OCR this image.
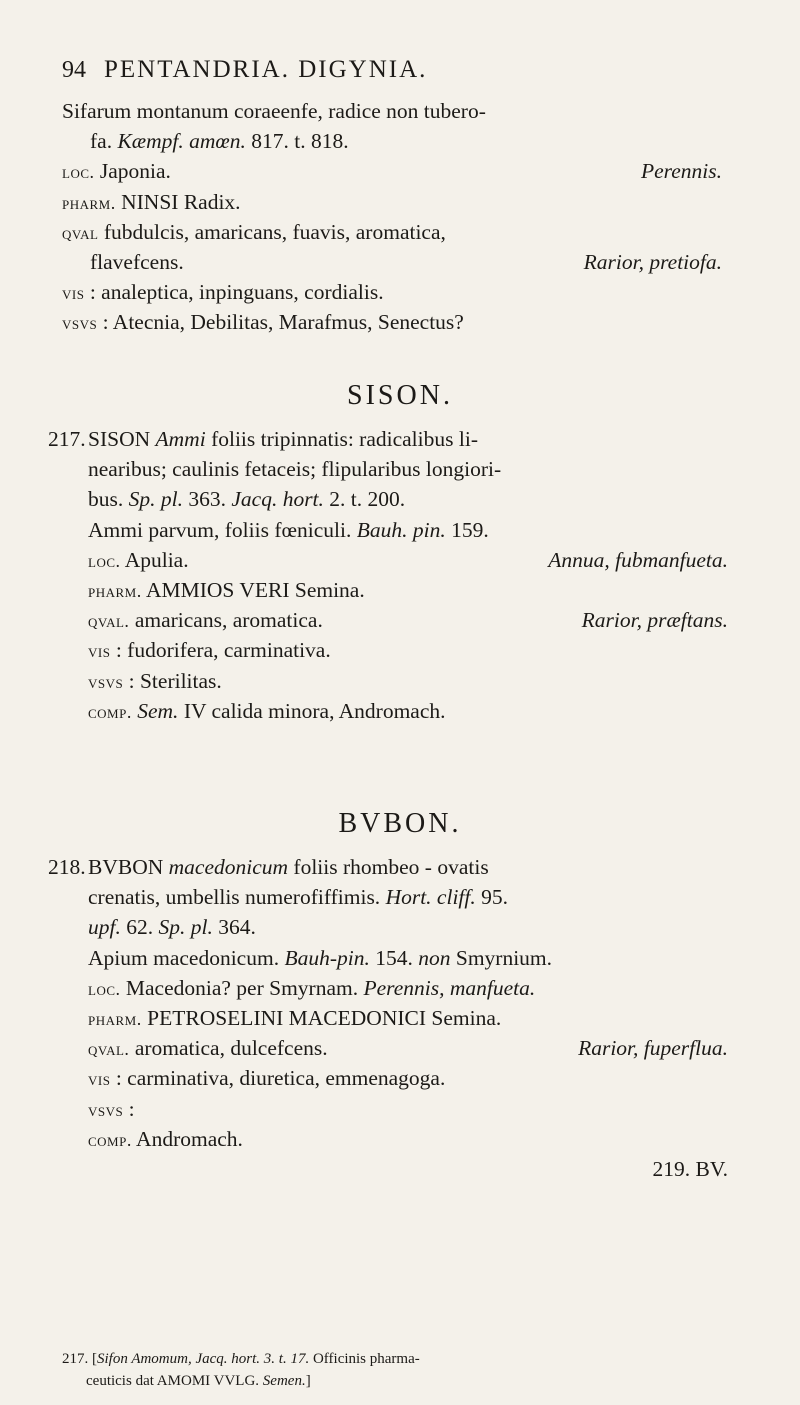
94 PENTANDRIA. DIGYNIA.
Sifarum montanum coraeenfe, radice non tubero-
fa. Kæmpf. amœn. 817. t. 818.
loc. Japonia.	Perennis.
pharm. NINSI Radix.
qval fubdulcis, amaricans, fuavis, aromatica,
flavefcens.	Rarior, pretiofa.
vis : analeptica, inpinguans, cordialis.
vsvs : Atecnia, Debilitas, Marafmus, Senectus?
SISON.
217. SISON Ammi foliis tripinnatis: radicalibus li-
nearibus; caulinis fetaceis; flipularibus longiori-
bus. Sp. pl. 363. Jacq. hort. 2. t. 200.
Ammi parvum, foliis fœniculi. Bauh. pin. 159.
loc. Apulia.	Annua, fubmanfueta.
pharm. AMMIOS VERI Semina.
qval. amaricans, aromatica.	Rarior, præftans.
vis : fudorifera, carminativa.
vsvs : Sterilitas.
comp. Sem. IV calida minora, Andromach.
BVBON.
218. BVBON macedonicum foliis rhombeo - ovatis
crenatis, umbellis numerofiffimis. Hort. cliff. 95.
upf. 62. Sp. pl. 364.
Apium macedonicum. Bauh-pin. 154. non Smyrnium.
loc. Macedonia? per Smyrnam. Perennis, manfueta.
pharm. PETROSELINI MACEDONICI Semina.
qval. aromatica, dulcefcens.	Rarior, fuperflua.
vis : carminativa, diuretica, emmenagoga.
vsvs :
comp. Andromach.
219. BV.
217. [Sifon Amomum, Jacq. hort. 3. t. 17. Officinis pharma-
ceuticis dat AMOMI VVLG. Semen.]
